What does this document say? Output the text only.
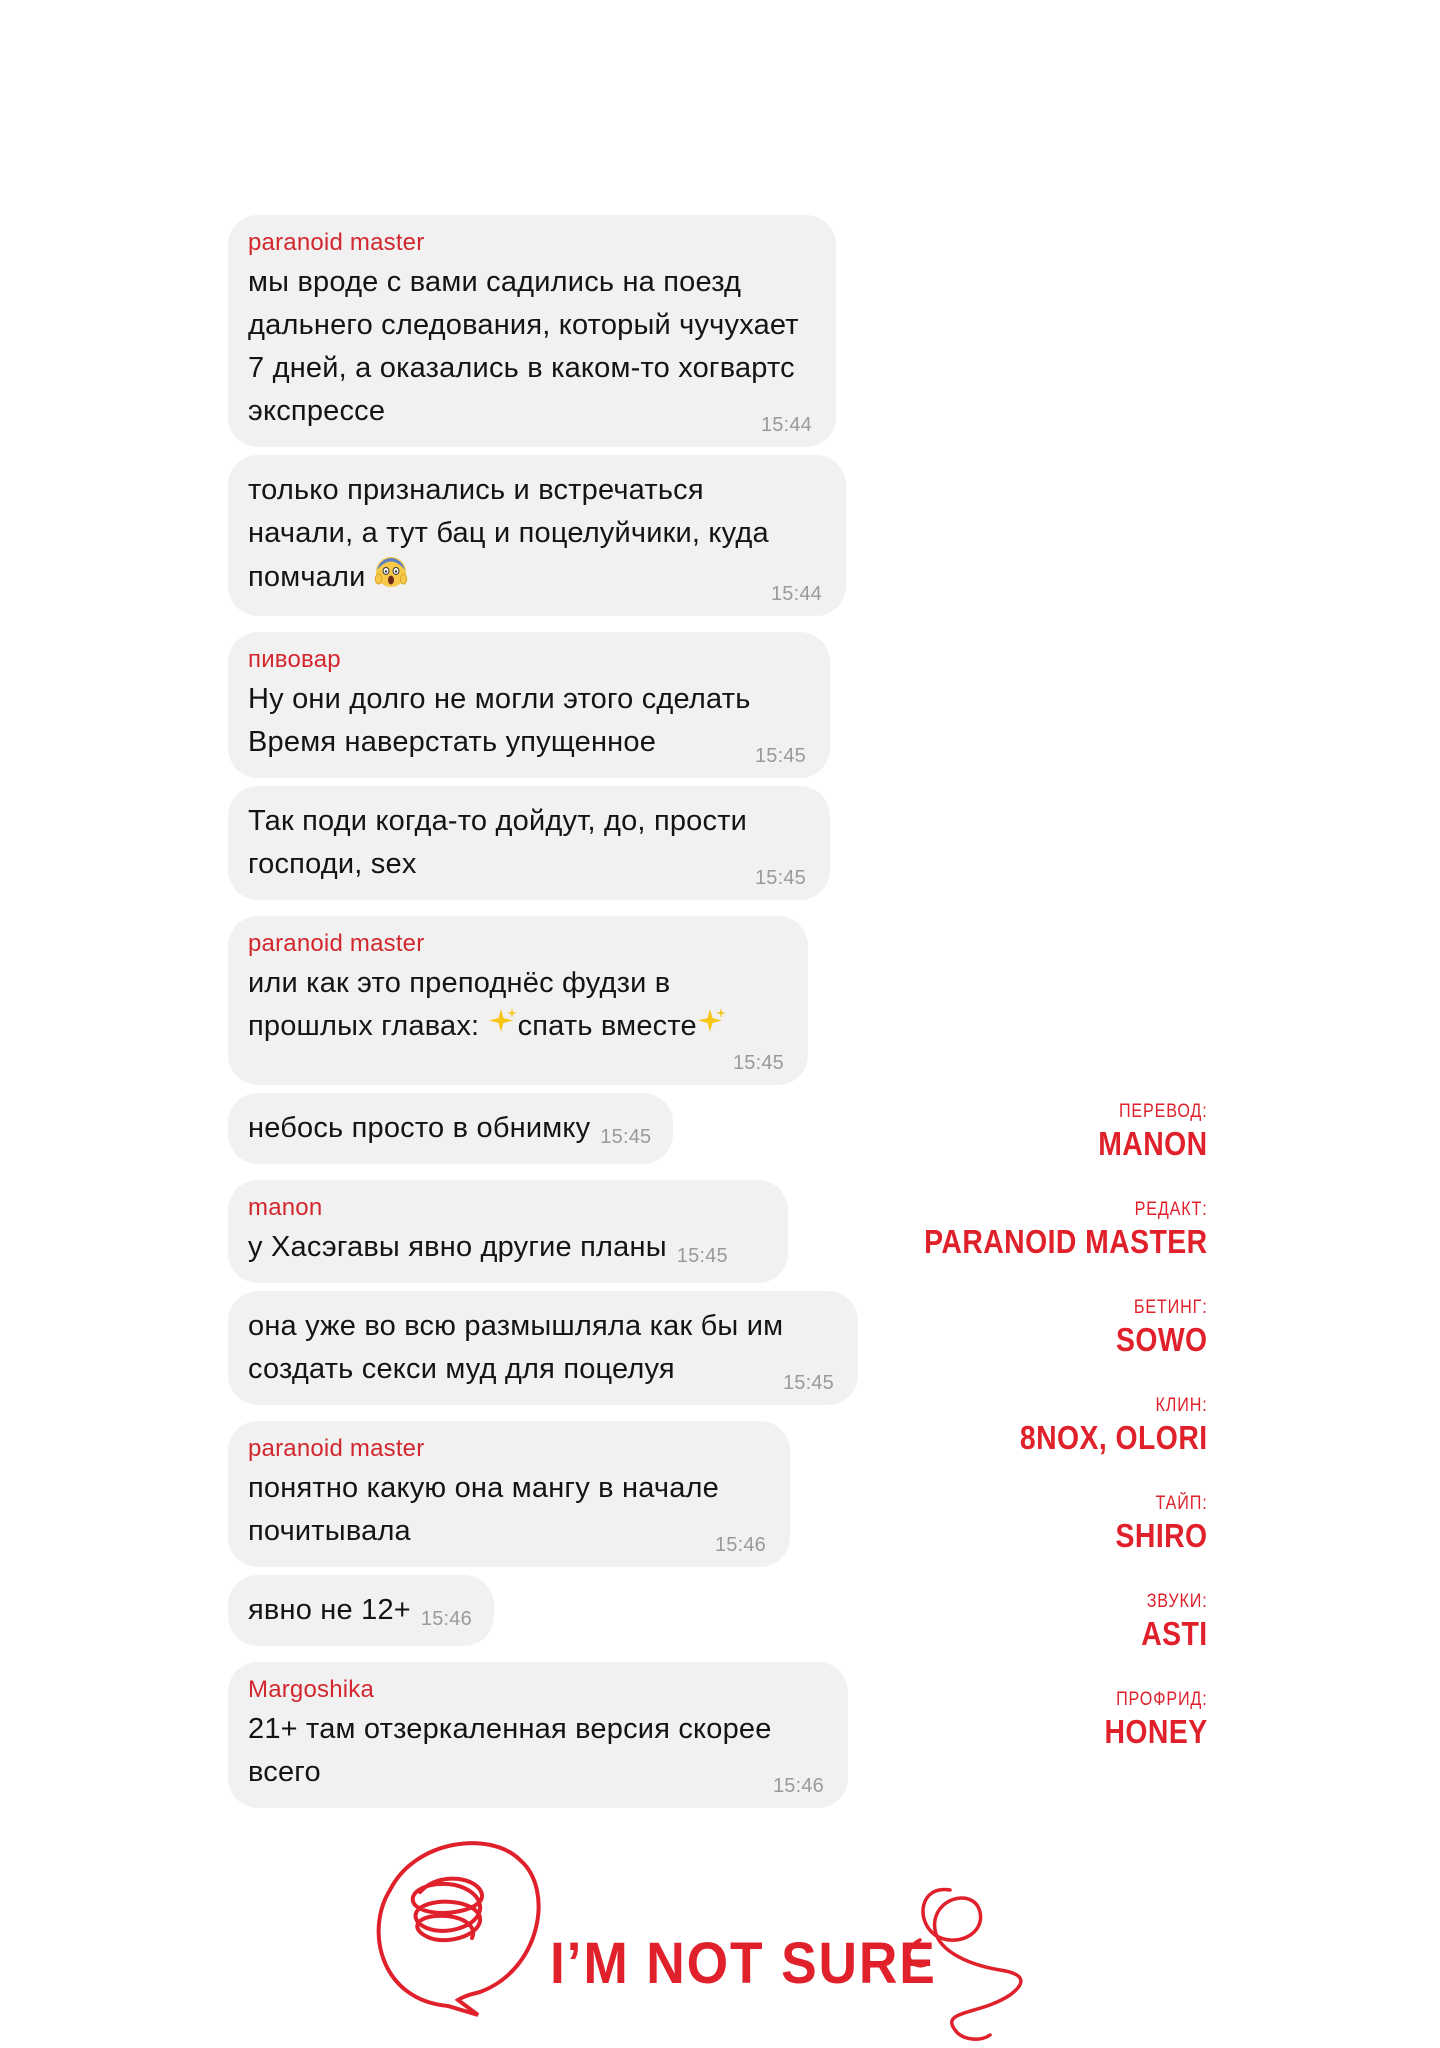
paranoid master
мы вроде с вами садились на поезд дальнего следования, который чучухает 7 дней, а оказались в каком-то хогвартс экспрессе	15:44
только признались и встречаться начали, а тут бац и поцелуйчики, куда помчали
15:44
пивовар
Ну они долго не могли этого сделать
Время наверстать упущенное	15:45
Так поди когда-то дойдут, до, прости господи, sex	15:45
paranoid master
или как это преподнёс фудзи в прошлых главах: спать вместе
15:45
небось просто в обнимку 15:45
manon
у Хасэгавы явно другие планы 15:45
она уже во всю размышляла как бы им создать секси муд для поцелуя	15:45
paranoid master
понятно какую она мангу в начале почитывала	15:46
явно не 12+ 15:46
Margoshika
21+ там отзеркаленная версия скорее всего	15:46
ПЕРЕВОД:
MANON
РЕДАКТ:
PARANOID MASTER
БЕТИНГ:
SOWO
КЛИН:
8NOX, OLORI
ТАЙП:
SHIRO
ЗВУКИ:
ASTI
ПРОФРИД:
HONEY
I’M NOT SURE
